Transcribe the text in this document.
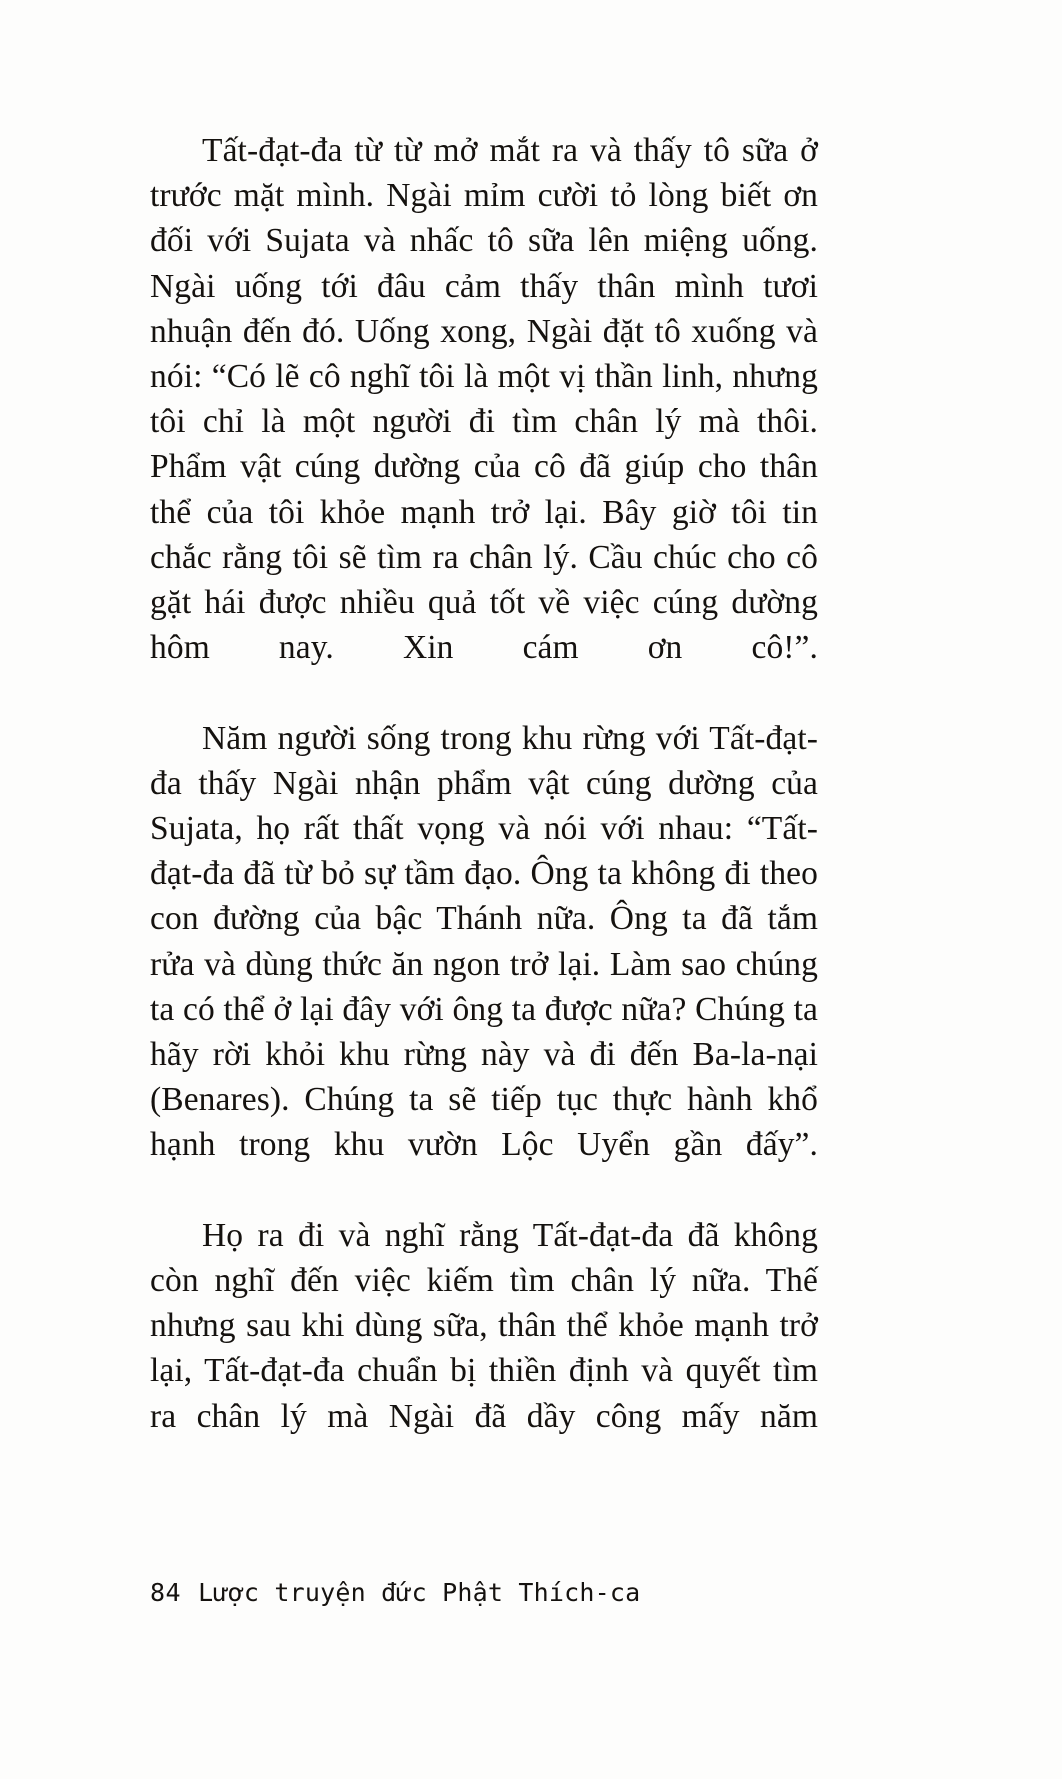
Tất-đạt-đa từ từ mở mắt ra và thấy tô sữa ở trước mặt mình. Ngài mỉm cười tỏ lòng biết ơn đối với Sujata và nhấc tô sữa lên miệng uống. Ngài uống tới đâu cảm thấy thân mình tươi nhuận đến đó. Uống xong, Ngài đặt tô xuống và nói: “Có lẽ cô nghĩ tôi là một vị thần linh, nhưng tôi chỉ là một người đi tìm chân lý mà thôi. Phẩm vật cúng dường của cô đã giúp cho thân thể của tôi khỏe mạnh trở lại. Bây giờ tôi tin chắc rằng tôi sẽ tìm ra chân lý. Cầu chúc cho cô gặt hái được nhiều quả tốt về việc cúng dường hôm nay. Xin cám ơn cô!”.

Năm người sống trong khu rừng với Tất-đạt-đa thấy Ngài nhận phẩm vật cúng dường của Sujata, họ rất thất vọng và nói với nhau: “Tất-đạt-đa đã từ bỏ sự tầm đạo. Ông ta không đi theo con đường của bậc Thánh nữa. Ông ta đã tắm rửa và dùng thức ăn ngon trở lại. Làm sao chúng ta có thể ở lại đây với ông ta được nữa? Chúng ta hãy rời khỏi khu rừng này và đi đến Ba-la-nại (Benares). Chúng ta sẽ tiếp tục thực hành khổ hạnh trong khu vườn Lộc Uyển gần đấy”.

Họ ra đi và nghĩ rằng Tất-đạt-đa đã không còn nghĩ đến việc kiếm tìm chân lý nữa. Thế nhưng sau khi dùng sữa, thân thể khỏe mạnh trở lại, Tất-đạt-đa chuẩn bị thiền định và quyết tìm ra chân lý mà Ngài đã dầy công mấy năm

84 Lược truyện đức Phật Thích-ca
